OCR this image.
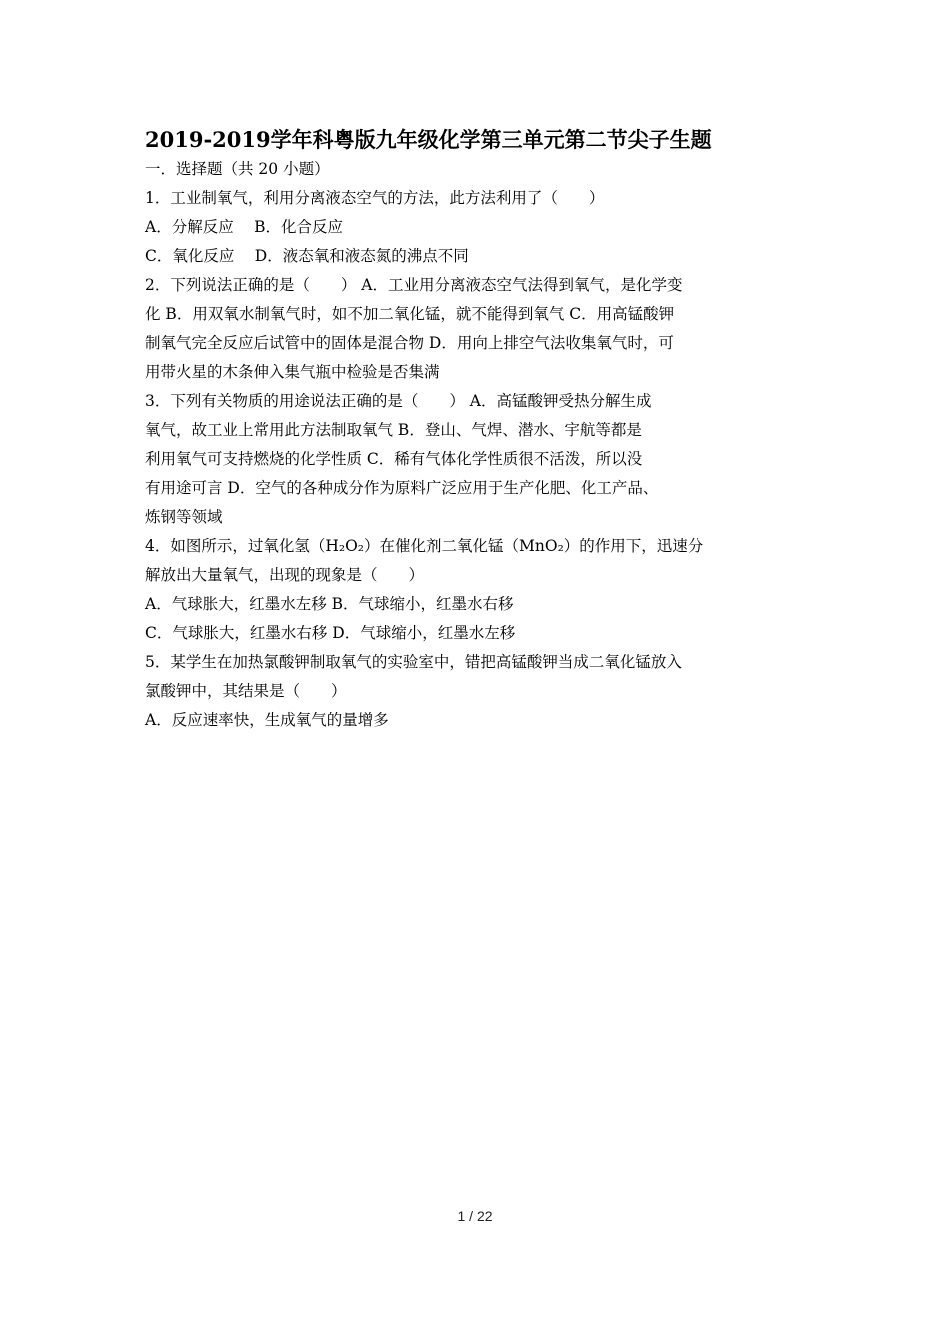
2019-2019学年科粤版九年级化学第三单元第二节尖子生题

一．选择题（共 20 小题）

1．工业制氧气，利用分离液态空气的方法，此方法利用了（　　）

A．分解反应　 B．化合反应

C．氧化反应　 D．液态氧和液态氮的沸点不同

2．下列说法正确的是（　　） A．工业用分离液态空气法得到氧气，是化学变
化 B．用双氧水制氧气时，如不加二氧化锰，就不能得到氧气 C．用高锰酸钾
制氧气完全反应后试管中的固体是混合物 D．用向上排空气法收集氧气时，可
用带火星的木条伸入集气瓶中检验是否集满
3．下列有关物质的用途说法正确的是（　　） A．高锰酸钾受热分解生成
氧气，故工业上常用此方法制取氧气 B．登山、气焊、潜水、宇航等都是
利用氧气可支持燃烧的化学性质 C．稀有气体化学性质很不活泼，所以没
有用途可言 D．空气的各种成分作为原料广泛应用于生产化肥、化工产品、
炼钢等领域
4．如图所示，过氧化氢（H₂O₂）在催化剂二氧化锰（MnO₂）的作用下，迅速分
解放出大量氧气，出现的现象是（　　）
A．气球胀大，红墨水左移 B．气球缩小，红墨水右移
C．气球胀大，红墨水右移 D．气球缩小，红墨水左移
5．某学生在加热氯酸钾制取氧气的实验室中，错把高锰酸钾当成二氧化锰放入
氯酸钾中，其结果是（　　）
A．反应速率快，生成氧气的量增多
1 / 22
